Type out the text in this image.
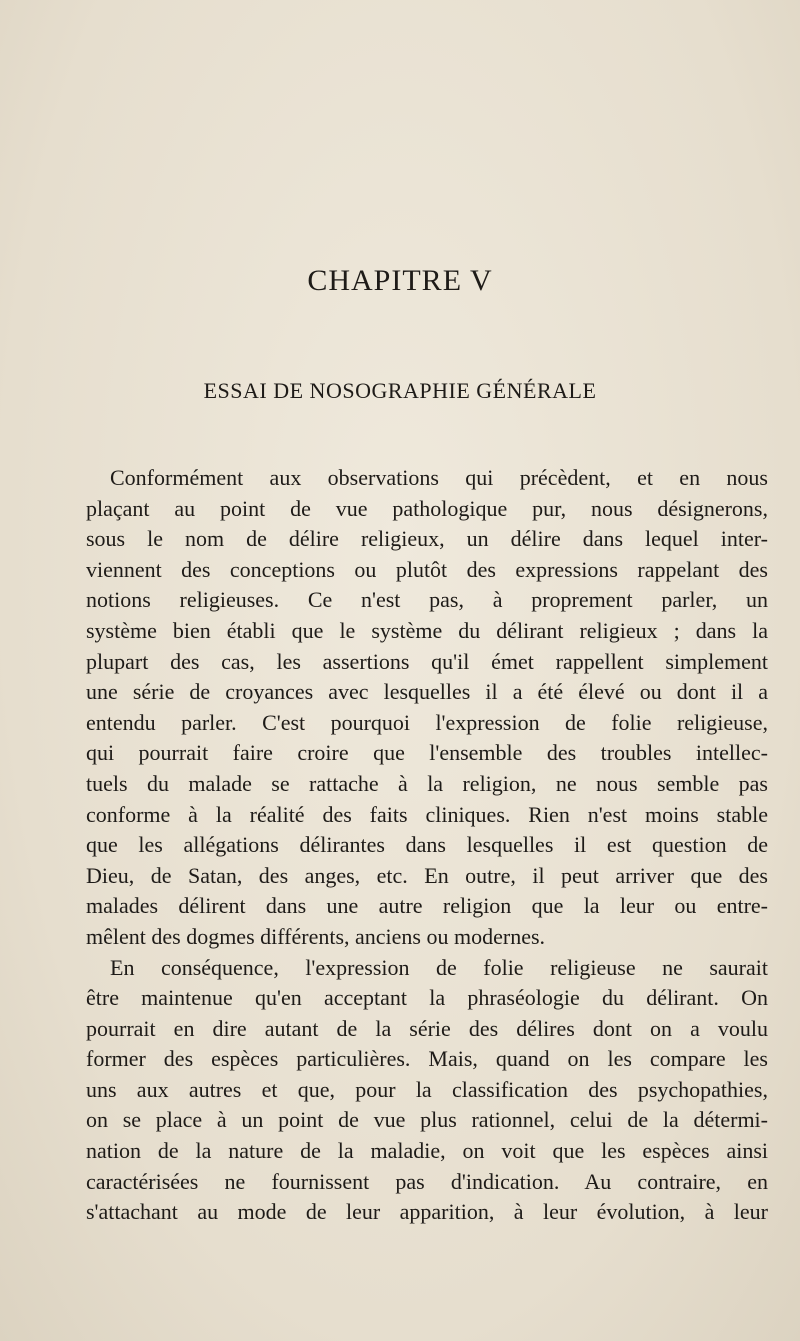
CHAPITRE V
ESSAI DE NOSOGRAPHIE GÉNÉRALE
Conformément aux observations qui précèdent, et en nous
plaçant au point de vue pathologique pur, nous désignerons,
sous le nom de délire religieux, un délire dans lequel inter-
viennent des conceptions ou plutôt des expressions rappelant des
notions religieuses. Ce n'est pas, à proprement parler, un
système bien établi que le système du délirant religieux ; dans la
plupart des cas, les assertions qu'il émet rappellent simplement
une série de croyances avec lesquelles il a été élevé ou dont il a
entendu parler. C'est pourquoi l'expression de folie religieuse,
qui pourrait faire croire que l'ensemble des troubles intellec-
tuels du malade se rattache à la religion, ne nous semble pas
conforme à la réalité des faits cliniques. Rien n'est moins stable
que les allégations délirantes dans lesquelles il est question de
Dieu, de Satan, des anges, etc. En outre, il peut arriver que des
malades délirent dans une autre religion que la leur ou entre-
mêlent des dogmes différents, anciens ou modernes.
En conséquence, l'expression de folie religieuse ne saurait
être maintenue qu'en acceptant la phraséologie du délirant. On
pourrait en dire autant de la série des délires dont on a voulu
former des espèces particulières. Mais, quand on les compare les
uns aux autres et que, pour la classification des psychopathies,
on se place à un point de vue plus rationnel, celui de la détermi-
nation de la nature de la maladie, on voit que les espèces ainsi
caractérisées ne fournissent pas d'indication. Au contraire, en
s'attachant au mode de leur apparition, à leur évolution, à leur
